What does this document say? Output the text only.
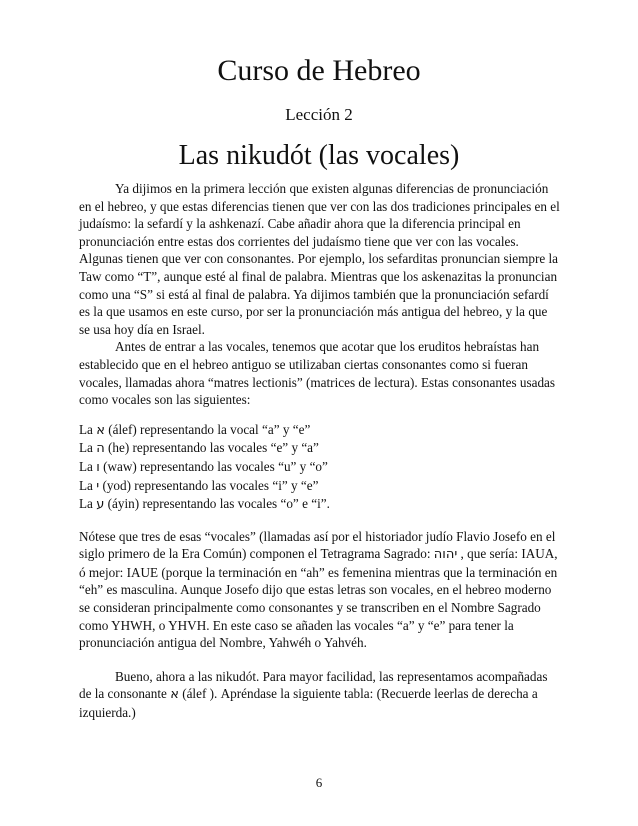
Curso de Hebreo
Lección 2
Las nikudót (las vocales)

Ya dijimos en la primera lección que existen algunas diferencias de pronunciación en el hebreo, y que estas diferencias tienen que ver con las dos tradiciones principales en el judaísmo: la sefardí y la ashkenazí. Cabe añadir ahora que la diferencia principal en pronunciación entre estas dos corrientes del judaísmo tiene que ver con las vocales. Algunas tienen que ver con consonantes. Por ejemplo, los sefarditas pronuncian siempre la Taw como “T”, aunque esté al final de palabra. Mientras que los askenazitas la pronuncian como una “S” si está al final de palabra. Ya dijimos también que la pronunciación sefardí es la que usamos en este curso, por ser la pronunciación más antigua del hebreo, y la que se usa hoy día en Israel.

Antes de entrar a las vocales, tenemos que acotar que los eruditos hebraístas han establecido que en el hebreo antiguo se utilizaban ciertas consonantes como si fueran vocales, llamadas ahora “matres lectionis” (matrices de lectura). Estas consonantes usadas como vocales son las siguientes:

La א (álef) representando la vocal “a” y “e”

La ה (he) representando las vocales “e” y “a”

La ו (waw) representando las vocales “u” y “o”

La י (yod) representando las vocales “i” y “e”

La ע (áyin) representando las vocales “o” e “i”.

Nótese que tres de esas “vocales” (llamadas así por el historiador judío Flavio Josefo en el siglo primero de la Era Común) componen el Tetragrama Sagrado: יהוה , que sería: IAUA, ó mejor: IAUE (porque la terminación en “ah” es femenina mientras que la terminación en “eh” es masculina. Aunque Josefo dijo que estas letras son vocales, en el hebreo moderno se consideran principalmente como consonantes y se transcriben en el Nombre Sagrado como YHWH, o YHVH. En este caso se añaden las vocales “a” y “e” para tener la pronunciación antigua del Nombre, Yahwéh o Yahvéh.

Bueno, ahora a las nikudót. Para mayor facilidad, las representamos acompañadas de la consonante א (álef ). Apréndase la siguiente tabla: (Recuerde leerlas de derecha a izquierda.)

6
